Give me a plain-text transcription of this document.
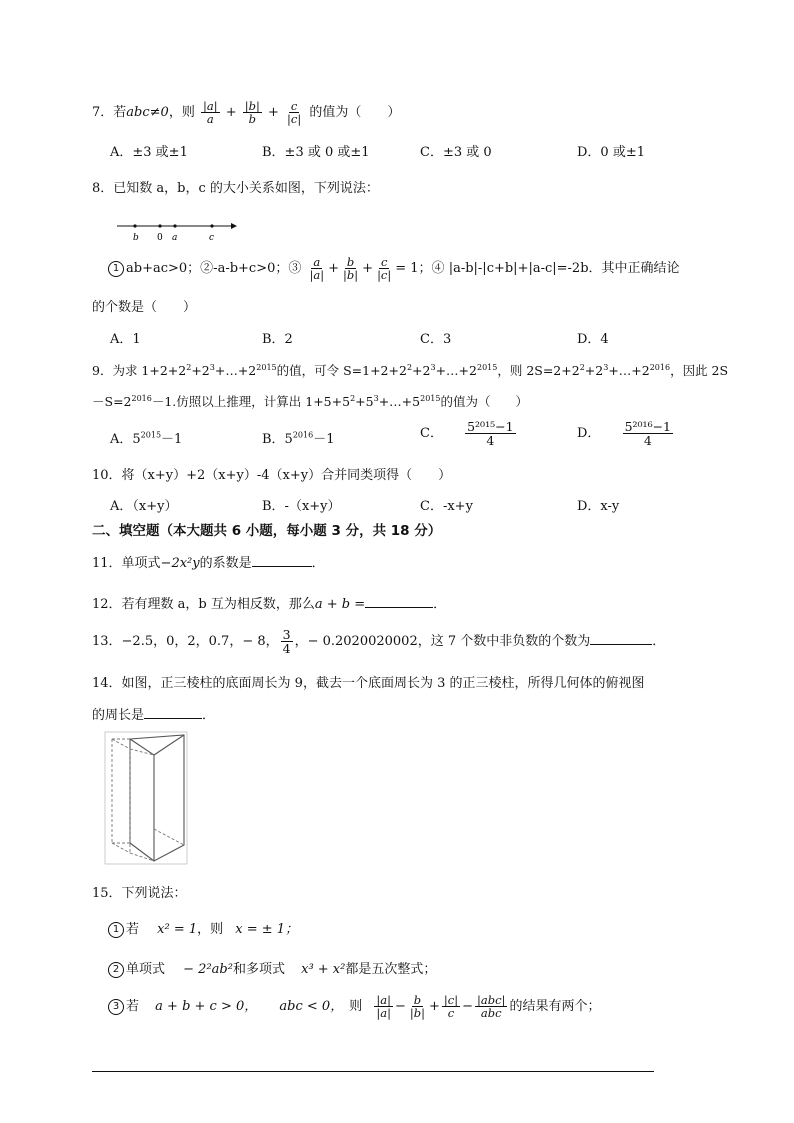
7．若abc≠0，则 $\frac{|a|}{a} + \frac{|b|}{b} + \frac{c}{|c|}$ 的值为（　　）
A．±3 或±1	B．±3 或 0 或±1	C．±3 或 0	D．0 或±1
8．已知数 a，b，c 的大小关系如图，下列说法：
b 0 a	c
1 ab+ac>0；②-a-b+c>0；③ $\frac{a}{|a|} + \frac{b}{|b|} + \frac{c}{|c|} = 1$；④ |a-b|-|c+b|+|a-c|=-2b．其中正确结论
的个数是（　　）
A．1	B．2	C．3	D．4
9．为求 $1+2+2^2+2^3+\dots+2^{2015}$的值，可令 $S=1+2+2^2+2^3+\dots+2^{2015}$，则 $2S=2+2^2+2^3+\dots+2^{2016}$，因此 2S
$-S=2^{2016}-1$.仿照以上推理，计算出 $1+5+5^2+5^3+\dots+5^{2015}$的值为（　　）
A．$5^{2015}-1$	B．$5^{2016}-1$	C． $\frac{\text{5²⁰¹⁵−1}}{4}$	D． $\frac{\text{5²⁰¹⁶−1}}{4}$
10．将（x+y）+2（x+y）-4（x+y）合并同类项得（　　）
A．（x+y）	B．-（x+y）	C．-x+y	D．x-y
二、填空题（本大题共 6 小题，每小题 3 分，共 18 分）
11．单项式−2x²y的系数是	．
12．若有理数 a，b 互为相反数，那么a + b =	．
13．−2.5，0，2，0.7，− 8， $\frac{3}{4}$ ，− 0.2020020002，这 7 个数中非负数的个数为	．
14．如图，正三棱柱的底面周长为 9，截去一个底面周长为 3 的正三棱柱，所得几何体的俯视图
的周长是	．
15．下列说法：
1 若 x² = 1，则 x = ± 1；
2 单项式 − 2²ab²和多项式 x³ + x²都是五次整式；
3 若 a + b + c > 0， abc < 0， 则 $\frac{|a|}{|a|} - \frac{b}{|b|} + \frac{|c|}{c} - \frac{\text{|abc|}}{\text{abc}}$ 的结果有两个；
